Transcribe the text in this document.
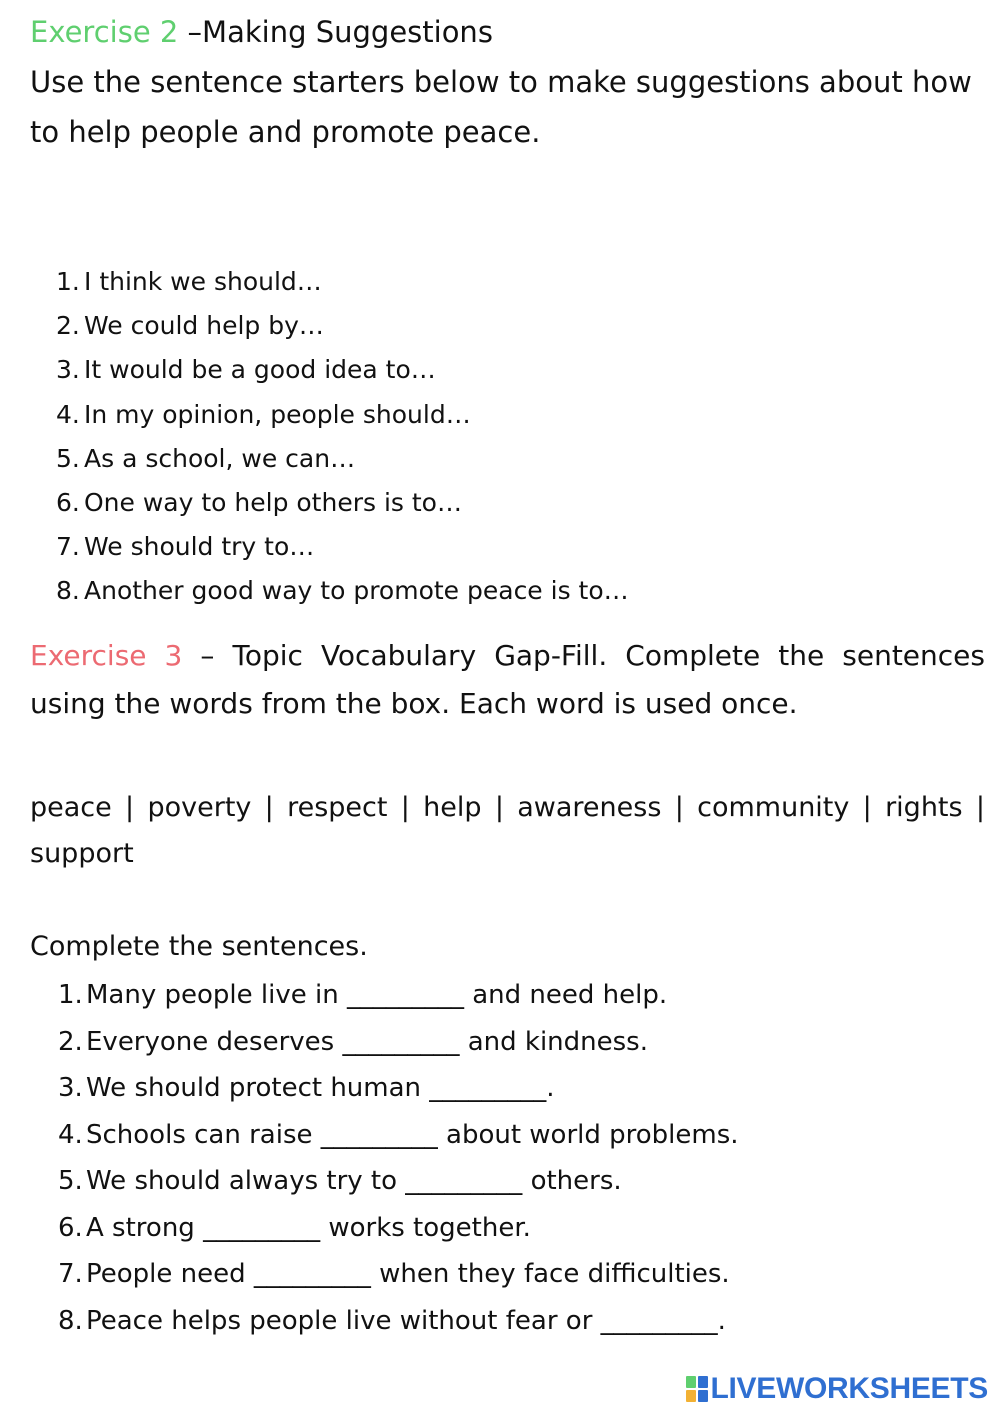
Exercise 2 –Making Suggestions
Use the sentence starters below to make suggestions about how to help people and promote peace.
1. I think we should…
2. We could help by…
3. It would be a good idea to…
4. In my opinion, people should…
5. As a school, we can…
6. One way to help others is to…
7. We should try to…
8. Another good way to promote peace is to…
Exercise 3 – Topic Vocabulary Gap-Fill. Complete the sentences using the words from the box. Each word is used once.
peace | poverty | respect | help | awareness | community | rights | support
Complete the sentences.
1. Many people live in _________ and need help.
2. Everyone deserves _________ and kindness.
3. We should protect human _________.
4. Schools can raise _________ about world problems.
5. We should always try to _________ others.
6. A strong _________ works together.
7. People need _________ when they face difficulties.
8. Peace helps people live without fear or _________.
LIVEWORKSHEETS
